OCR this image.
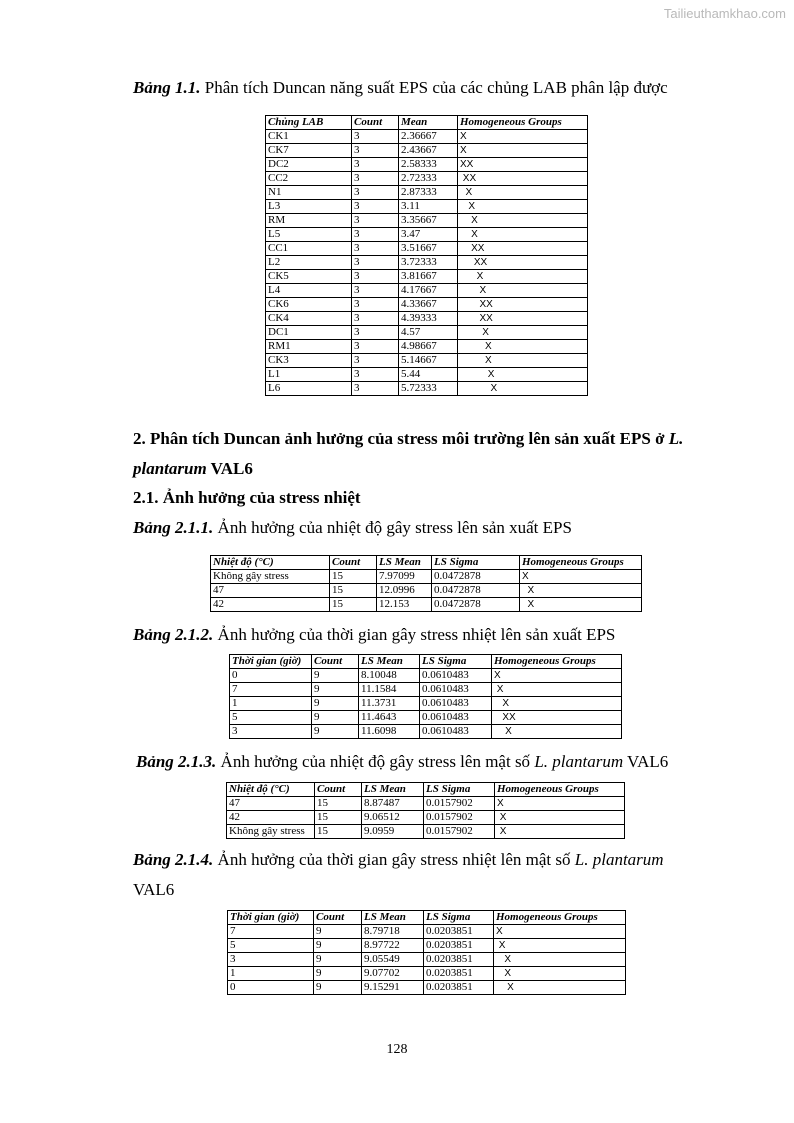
Tailieuthamkhao.com
Bảng 1.1. Phân tích Duncan năng suất EPS của các chủng LAB phân lập được
Chủng LAB	Count	Mean	Homogeneous Groups
CK1	3	2.36667	X
CK7	3	2.43667	X
DC2	3	2.58333	XX
CC2	3	2.72333	XX
N1	3	2.87333	X
L3	3	3.11	X
RM	3	3.35667	X
L5	3	3.47	X
CC1	3	3.51667	XX
L2	3	3.72333	XX
CK5	3	3.81667	X
L4	3	4.17667	X
CK6	3	4.33667	XX
CK4	3	4.39333	XX
DC1	3	4.57	X
RM1	3	4.98667	X
CK3	3	5.14667	X
L1	3	5.44	X
L6	3	5.72333	X
2. Phân tích Duncan ảnh hưởng của stress môi trường lên sản xuất EPS ở L.
plantarum VAL6
2.1. Ảnh hưởng của stress nhiệt
Bảng 2.1.1. Ảnh hưởng của nhiệt độ gây stress lên sản xuất EPS
Nhiệt độ (°C)	Count	LS Mean	LS Sigma	Homogeneous Groups
Không gây stress	15	7.97099	0.0472878	X
47	15	12.0996	0.0472878	X
42	15	12.153	0.0472878	X
Bảng 2.1.2. Ảnh hưởng của thời gian gây stress nhiệt lên sản xuất EPS
Thời gian (giờ)	Count	LS Mean	LS Sigma	Homogeneous Groups
0	9	8.10048	0.0610483	X
7	9	11.1584	0.0610483	X
1	9	11.3731	0.0610483	X
5	9	11.4643	0.0610483	XX
3	9	11.6098	0.0610483	X
Bảng 2.1.3. Ảnh hưởng của nhiệt độ gây stress lên mật số L. plantarum VAL6
Nhiệt độ (°C)	Count	LS Mean	LS Sigma	Homogeneous Groups
47	15	8.87487	0.0157902	X
42	15	9.06512	0.0157902	X
Không gây stress	15	9.0959	0.0157902	X
Bảng 2.1.4. Ảnh hưởng của thời gian gây stress nhiệt lên mật số L. plantarum
VAL6
Thời gian (giờ)	Count	LS Mean	LS Sigma	Homogeneous Groups
7	9	8.79718	0.0203851	X
5	9	8.97722	0.0203851	X
3	9	9.05549	0.0203851	X
1	9	9.07702	0.0203851	X
0	9	9.15291	0.0203851	X
128
